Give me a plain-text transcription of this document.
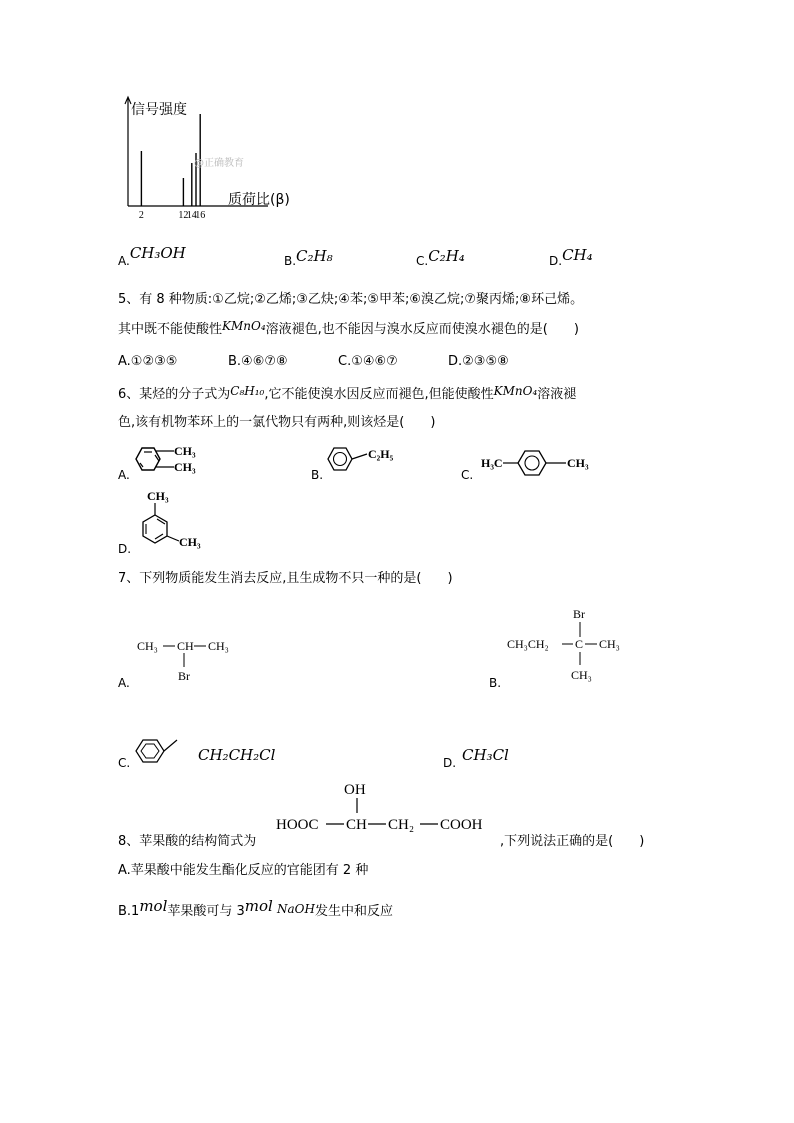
2	12
14
16
信号强度
质荷比(β)
@正确教育
A.CH₃OH	B.C₂H₈	C.C₂H₄	D.CH₄
5、有 8 种物质:①乙烷;②乙烯;③乙炔;④苯;⑤甲苯;⑥溴乙烷;⑦聚丙烯;⑧环己烯。
其中既不能使酸性KMnO₄溶液褪色,也不能因与溴水反应而使溴水褪色的是(　　)
A.①②③⑤	B.④⑥⑦⑧	C.①④⑥⑦	D.②③⑤⑧
6、某烃的分子式为C₈H₁₀,它不能使溴水因反应而褪色,但能使酸性KMnO₄溶液褪
色,该有机物苯环上的一氯代物只有两种,则该烃是(　　)
A.
CH₃
CH₃
B.
C₂H₅
C.
H₃C	CH₃
CH₃
CH₃
D.
7、下列物质能发生消去反应,且生成物不只一种的是(　　)
CH₃ CH CH₃
Br
A.
Br
CH₃CH₂ C CH₃
CH₃
B.
C.	CH₂CH₂Cl	D. CH₃Cl
OH
HOOC CH CH₂ COOH
8、苹果酸的结构简式为	,下列说法正确的是(　　)
A.苹果酸中能发生酯化反应的官能团有 2 种
B.1mol苹果酸可与 3mol NaOH发生中和反应
